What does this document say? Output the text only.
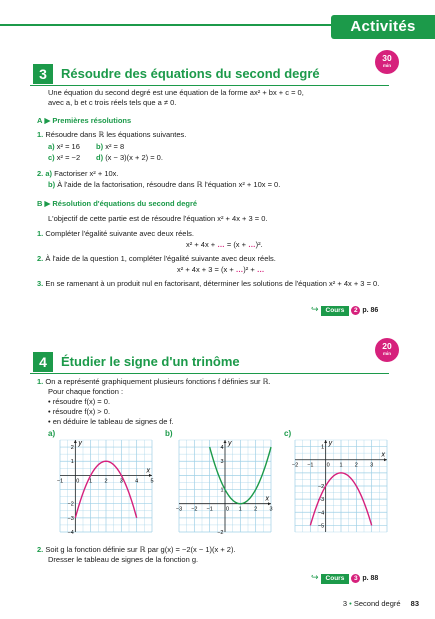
Activités
3	Résoudre des équations du second degré
30
min
Une équation du second degré est une équation de la forme ax² + bx + c = 0,
avec a, b et c trois réels tels que a ≠ 0.
A ▶ Premières résolutions
1. Résoudre dans ℝ les équations suivantes.
a) x² = 16 b) x² = 8
c) x² = −2 d) (x − 3)(x + 2) = 0.
2. a) Factoriser x² + 10x.
b) À l'aide de la factorisation, résoudre dans ℝ l'équation x² + 10x = 0.
B ▶ Résolution d'équations du second degré
L'objectif de cette partie est de résoudre l'équation x² + 4x + 3 = 0.
1. Compléter l'égalité suivante avec deux réels.
x² + 4x + … = (x + …)².
2. À l'aide de la question 1, compléter l'égalité suivante avec deux réels.
x² + 4x + 3 = (x + …)² + …
3. En se ramenant à un produit nul en factorisant, déterminer les solutions de l'équation x² + 4x + 3 = 0.
↪ Cours 2 p. 86
4	Étudier le signe d'un trinôme
20
min
1. On a représenté graphiquement plusieurs fonctions f définies sur ℝ.
Pour chaque fonction :
• résoudre f(x) = 0.
• résoudre f(x) > 0.
• en déduire le tableau de signes de f.
a)	b)	c)
x
y
−1 0 1 2 3 4 5
2
1
−2
−3
−4
x
y
−3 −2 −1 0 1 2 3
4
3
1
−2
x
y
−2 −1 0 1 2 3
1
−2
−3
−4
−5
2. Soit g la fonction définie sur ℝ par g(x) = −2(x − 1)(x + 2).
Dresser le tableau de signes de la fonction g.
↪ Cours 3 p. 88
3 • Second degré 83
